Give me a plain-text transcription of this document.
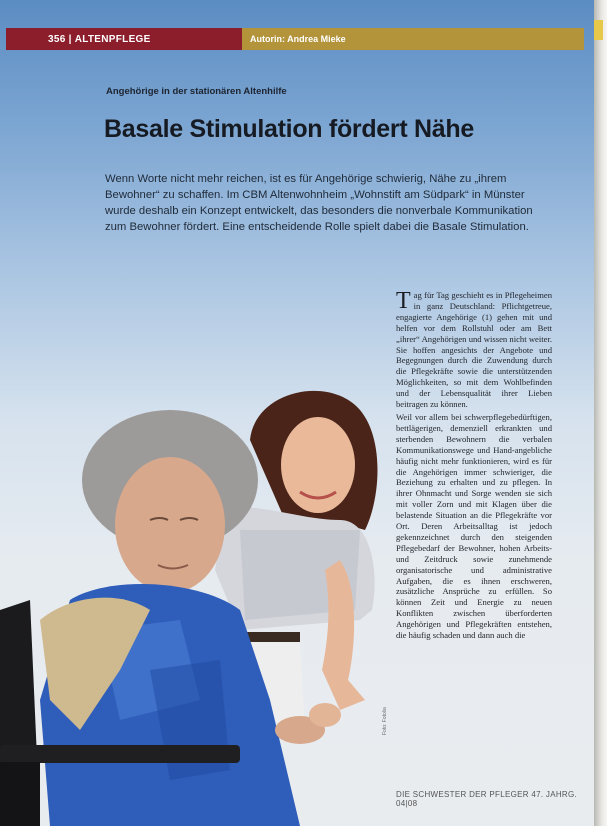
356 | ALTENPFLEGE	Autorin: Andrea Mieke
Angehörige in der stationären Altenhilfe
Basale Stimulation fördert Nähe
Wenn Worte nicht mehr reichen, ist es für Angehörige schwierig, Nähe zu „ihrem Bewohner“ zu schaffen. Im CBM Altenwohnheim „Wohnstift am Südpark“ in Münster wurde deshalb ein Konzept entwickelt, das besonders die nonverbale Kommunikation zum Bewohner fördert. Eine entscheidende Rolle spielt dabei die Basale Stimulation.

Tag für Tag geschieht es in Pflegeheimen in ganz Deutschland: Pflichtgetreue, engagierte Angehörige (1) gehen mit und helfen vor dem Rollstuhl oder am Bett „ihrer“ Angehörigen und wissen nicht weiter. Sie hoffen angesichts der Angebote und Begegnungen durch die Zuwendung durch die Pflegekräfte sowie die unterstützenden Möglichkeiten, so mit dem Wohlbefinden und der Lebensqualität ihrer Lieben beitragen zu können.

Weil vor allem bei schwerpflegebedürftigen, bettlägerigen, demenziell erkrankten und sterbenden Bewohnern die verbalen Kommunikationswege und Hand-angebliche häufig nicht mehr funktionieren, wird es für die Angehörigen immer schwieriger, die Beziehung zu erhalten und zu pflegen. In ihrer Ohnmacht und Sorge wenden sie sich mit voller Zorn und mit Klagen über die belastende Situation an die Pflegekräfte vor Ort. Deren Arbeitsalltag ist jedoch gekennzeichnet durch den steigenden Pflegebedarf der Bewohner, hohen Arbeits- und Zeitdruck sowie zunehmende organisatorische und administrative Aufgaben, die es ihnen erschweren, zusätzliche Ansprüche zu erfüllen. So können Zeit und Energie zu neuen Konflikten zwischen überforderten Angehörigen und Pflegekräften entstehen, die häufig schaden und dann auch die

Foto: Fotolia
DIE SCHWESTER DER PFLEGER 47. JAHRG. 04|08
